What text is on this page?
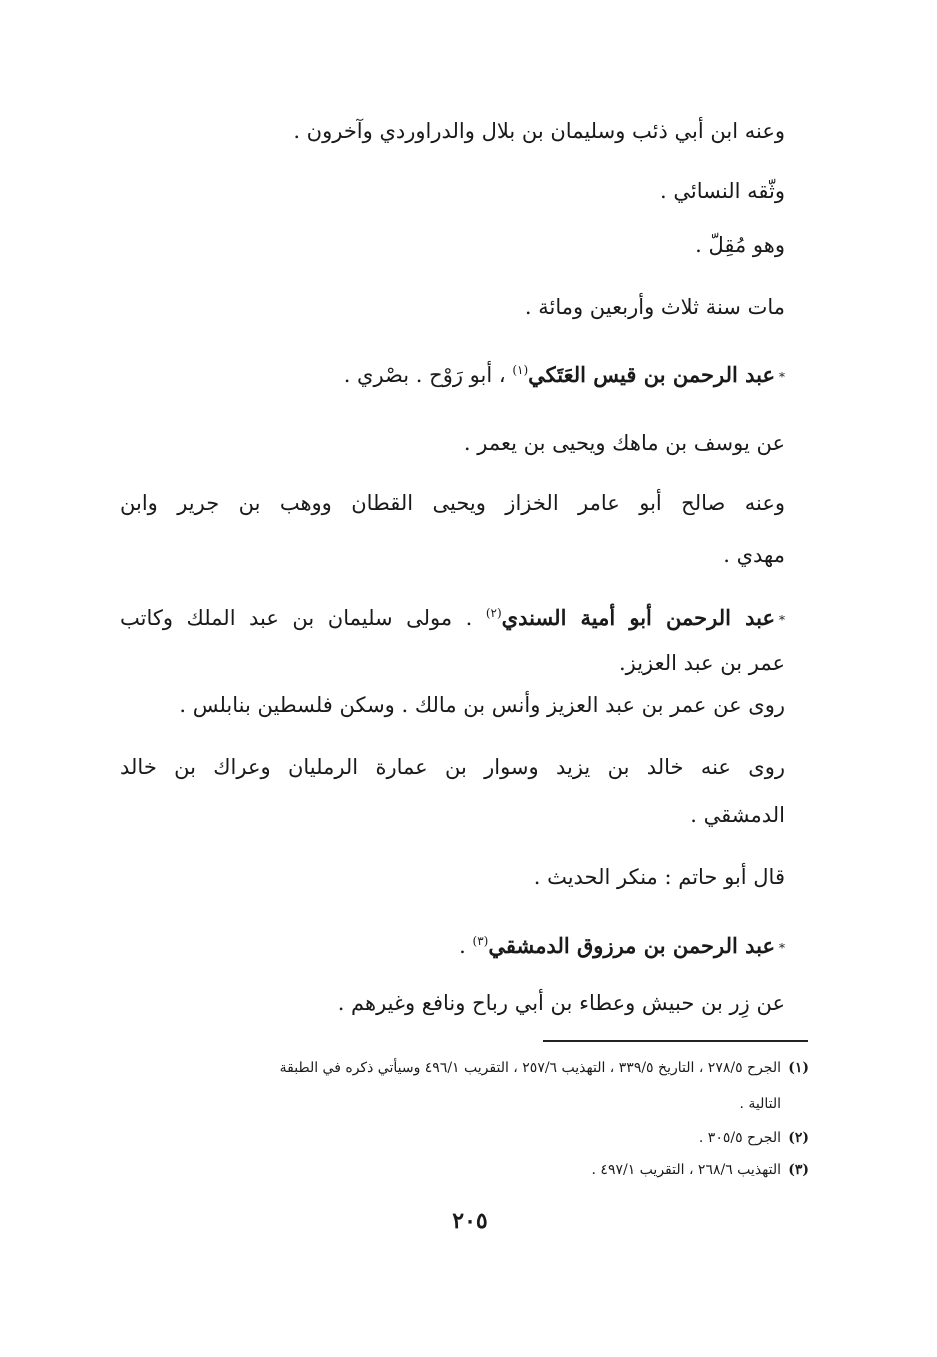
وعنه ابن أبي ذئب وسليمان بن بلال والدراوردي وآخرون .
وثّقه النسائي .
وهو مُقِلّ .
مات سنة ثلاث وأربعين ومائة .
*عبد الرحمن بن قيس العَتَكي$^{(١)}$ ، أبو رَوْح . بصْري .
عن يوسف بن ماهك ويحيى بن يعمر .
وعنه صالح أبو عامر الخزاز ويحيى القطان ووهب بن جرير وابن
مهدي .
*عبد الرحمن أبو أمية السندي$^{(٢)}$ . مولى سليمان بن عبد الملك وكاتب
عمر بن عبد العزيز.
روى عن عمر بن عبد العزيز وأنس بن مالك . وسكن فلسطين بنابلس .
روى عنه خالد بن يزيد وسوار بن عمارة الرمليان وعراك بن خالد
الدمشقي .
قال أبو حاتم : منكر الحديث .
*عبد الرحمن بن مرزوق الدمشقي$^{(٣)}$ .
عن زِر بن حبيش وعطاء بن أبي رباح ونافع وغيرهم .
(١)الجرح ٢٧٨/٥ ، التاريخ ٣٣٩/٥ ، التهذيب ٢٥٧/٦ ، التقريب ٤٩٦/١ وسيأتي ذكره في الطبقة
التالية .
(٢)الجرح ٣٠٥/٥ .
(٣)التهذيب ٢٦٨/٦ ، التقريب ٤٩٧/١ .
٢٠٥
